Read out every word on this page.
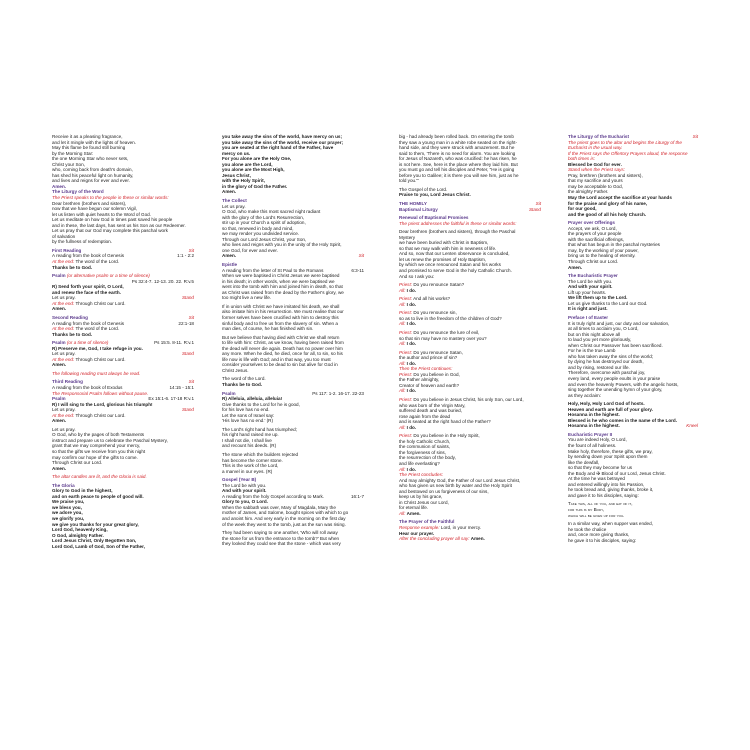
Receive it as a pleasing fragrance,

and let it mingle with the lights of heaven.

May this flame be found still burning

by the Morning Star:

the one Morning Star who never sets,

Christ your Son,

who, coming back from death's domain,

has shed his peaceful light on humanity,

and lives and reigns for ever and ever.

Amen.

The Liturgy of the Word

The Priest speaks to the people in these or similar words:

Dear brethren (brothers and sisters),

now that we have begun our solemn Vigil,

let us listen with quiet hearts to the Word of God.

Let us meditate on how God in times past saved his people

and in these, the last days, has sent us his Son as our Redeemer.

Let us pray that our God may complete this paschal work

of salvation

by the fullness of redemption.

First Reading	Sit
A reading from the book of Genesis	1:1 - 2:2

At the end: The word of the Lord.

Thanks be to God.

Psalm (or alternative psalm or a time of silence)

Ps 32:4-7. 12-13. 20. 22. R:v.5

R) Send forth your spirit, O Lord,

and renew the face of the earth.

Let us pray.	Stand

At the end: Through Christ our Lord.

Amen.

Second Reading	Sit
A reading from the book of Genesis	22:1-18

At the end: The word of the Lord.

Thanks be to God.

Psalm (or a time of silence)	Ps 15:5. 8-11. R:v.1

R) Preserve me, God, I take refuge in you.

Let us pray.	Stand

At the end: Through Christ our Lord.

Amen.

The following reading must always be read.

Third Reading	Sit
A reading from the book of Exodus	14:15 - 15:1

The Responsorial Psalm follows without pause.

Psalm	Ex 15:1-6. 17-18 R:v.1

R) I will sing to the Lord, glorious his triumph!

Let us pray.	Stand

At the end: Through Christ our Lord.

Amen.

Let us pray.

O God, who by the pages of both Testaments

instruct and prepare us to celebrate the Paschal Mystery,

grant that we may comprehend your mercy,

so that the gifts we receive from you this night

may confirm our hope of the gifts to come.

Through Christ our Lord.

Amen.

The altar candles are lit, and the Gloria is said.

The Gloria

Glory to God in the highest,

and on earth peace to people of good will.

We praise you,

we bless you,

we adore you,

we glorify you,

we give you thanks for your great glory,

Lord God, heavenly King,

O God, almighty Father.

Lord Jesus Christ, Only Begotten Son,

Lord God, Lamb of God, Son of the Father,

you take away the sins of the world, have mercy on us;

you take away the sins of the world, receive our prayer;

you are seated at the right hand of the Father, have

mercy on us.

For you alone are the Holy One,

you alone are the Lord,

you alone are the Most High,

Jesus Christ,

with the Holy Spirit,

in the glory of God the Father.

Amen.

The Collect

Let us pray.

O God, who make this most sacred night radiant

with the glory of the Lord's Resurrection,

stir up in your Church a spirit of adoption,

so that, renewed in body and mind,

we may render you undivided service.

Through our Lord Jesus Christ, your Son,

who lives and reigns with you in the unity of the Holy Spirit,

one God, for ever and ever.

Amen.	Sit

Epistle

A reading from the letter of St Paul to the Romans	6:3-11

When we were baptised in Christ Jesus we were baptised

in his death; in other words, when we were baptised we

went into the tomb with him and joined him in death, so that

as Christ was raised from the dead by the Father's glory, we

too might live a new life.

If in union with Christ we have imitated his death, we shall

also imitate him in his resurrection. We must realise that our

former selves have been crucified with him to destroy this

sinful body and to free us from the slavery of sin. When a

man dies, of course, he has finished with sin.

But we believe that having died with Christ we shall return

to life with him: Christ, as we know, having been raised from

the dead will never die again. Death has no power over him

any more. When he died, he died, once for all, to sin, so his

life now is life with God; and in that way, you too must

consider yourselves to be dead to sin but alive for God in

Christ Jesus.

The word of the Lord.

Thanks be to God.

Psalm	Ps 117: 1-2. 16-17. 22-23

R) Alleluia, alleluia, alleluia!

Give thanks to the Lord for he is good,

for his love has no end.

Let the sons of Israel say:

'His love has no end.' (R)

The Lord's right hand has triumphed;

his right hand raised me up.

I shall not die, I shall live

and recount his deeds. (R)

The stone which the builders rejected

has become the corner stone.

This is the work of the Lord,

a marvel in our eyes. (R)

Gospel (Year B)

The Lord be with you.

And with your spirit.

A reading from the holy Gospel according to Mark.	16:1-7

Glory to you, O Lord.

When the sabbath was over, Mary of Magdala, Mary the

mother of James, and Salome, bought spices with which to go

and anoint him. And very early in the morning on the first day

of the week they went to the tomb, just as the sun was rising.

They had been saying to one another, 'Who will roll away

the stone for us from the entrance to the tomb?' But when

they looked they could see that the stone - which was very

big - had already been rolled back. On entering the tomb

they saw a young man in a white robe seated on the right-

hand side, and they were struck with amazement. But he

said to them, 'There is no need for alarm. You are looking

for Jesus of Nazareth, who was crucified: he has risen, he

is not here. See, here is the place where they laid him. But

you must go and tell his disciples and Peter, "He is going

before you to Galilee; it is there you will see him, just as he

told you."'

The Gospel of the Lord.

Praise to you, Lord Jesus Christ.

THE HOMILY	Sit
Baptismal Liturgy	Stand

Renewal of Baptismal Promises

The priest addresses the faithful in these or similar words:

Dear brethren (brothers and sisters), through the Paschal

Mystery

we have been buried with Christ in Baptism,

so that we may walk with him in newness of life.

And so, now that our Lenten observance is concluded,

let us renew the promises of Holy Baptism,

by which we once renounced Satan and his works

and promised to serve God in the holy Catholic Church.

And so I ask you:

Priest: Do you renounce Satan?

All: I do.

Priest: And all his works?

All: I do.

Priest: Do you renounce sin,

so as to live in the freedom of the children of God?

All: I do.

Priest: Do you renounce the lure of evil,

so that sin may have no mastery over you?

All: I do.

Priest: Do you renounce Satan,

the author and prince of sin?

All: I do.

Then the Priest continues:

Priest: Do you believe in God,

the Father almighty,

Creator of heaven and earth?

All: I do.

Priest: Do you believe in Jesus Christ, his only Son, our Lord,

who was born of the Virgin Mary,

suffered death and was buried,

rose again from the dead

and is seated at the right hand of the Father?

All: I do.

Priest: Do you believe in the Holy Spirit,

the holy Catholic Church,

the communion of saints,

the forgiveness of sins,

the resurrection of the body,

and life everlasting?

All: I do.

The Priest concludes:

And may almighty God, the Father of our Lord Jesus Christ,

who has given us new birth by water and the Holy Spirit

and bestowed on us forgiveness of our sins,

keep us by his grace,

in Christ Jesus our Lord,

for eternal life.

All: Amen.

The Prayer of the Faithful

Response example: Lord, in your mercy.

Hear our prayer.

After the concluding prayer all say: Amen.

The Liturgy of the Eucharist	Sit

The priest goes to the altar and begins the Liturgy of the

Eucharist in the usual way.

If the Priest says the Offertory Prayers aloud, the response

both times is:

Blessed be God for ever.

Stand when the Priest says:

Pray, brethren (brothers and sisters),

that my sacrifice and yours

may be acceptable to God,

the almighty Father.

May the Lord accept the sacrifice at your hands

for the praise and glory of his name,

for our good,

and the good of all his holy Church.

Prayer over Offerings

Accept, we ask, O Lord,

the prayers of your people

with the sacrificial offerings,

that what has begun in the paschal mysteries

may, by the working of your power,

bring us to the healing of eternity.

Through Christ our Lord.

Amen.

The Eucharistic Prayer

The Lord be with you.

And with your spirit.

Lift up your hearts.

We lift them up to the Lord.

Let us give thanks to the Lord our God.

It is right and just.

Preface I of Easter

It is truly right and just, our duty and our salvation,

at all times to acclaim you, O Lord,

but on this night above all

to laud you yet more gloriously,

when Christ our Passover has been sacrificed.

For he is the true Lamb

who has taken away the sins of the world;

by dying he has destroyed our death,

and by rising, restored our life.

Therefore, overcome with paschal joy,

every land, every people exults in your praise

and even the heavenly Powers, with the angelic hosts,

sing together the unending hymn of your glory,

as they acclaim:

Holy, Holy, Holy Lord God of hosts.

Heaven and earth are full of your glory.

Hosanna in the highest.

Blessed is he who comes in the name of the Lord.

Hosanna in the highest.	Kneel

Eucharistic Prayer II

You are indeed Holy, O Lord,

the fount of all holiness.

Make holy, therefore, these gifts, we pray,

by sending down your Spirit upon them

like the dewfall,

so that they may become for us

the Body and ✠ Blood of our Lord, Jesus Christ.

At the time he was betrayed

and entered willingly into his Passion,

he took bread and, giving thanks, broke it,

and gave it to his disciples, saying:

Take this, all of you, and eat of it,

for this is my Body,

which will be given up for you.

In a similar way, when supper was ended,

he took the chalice

and, once more giving thanks,

he gave it to his disciples, saying:
